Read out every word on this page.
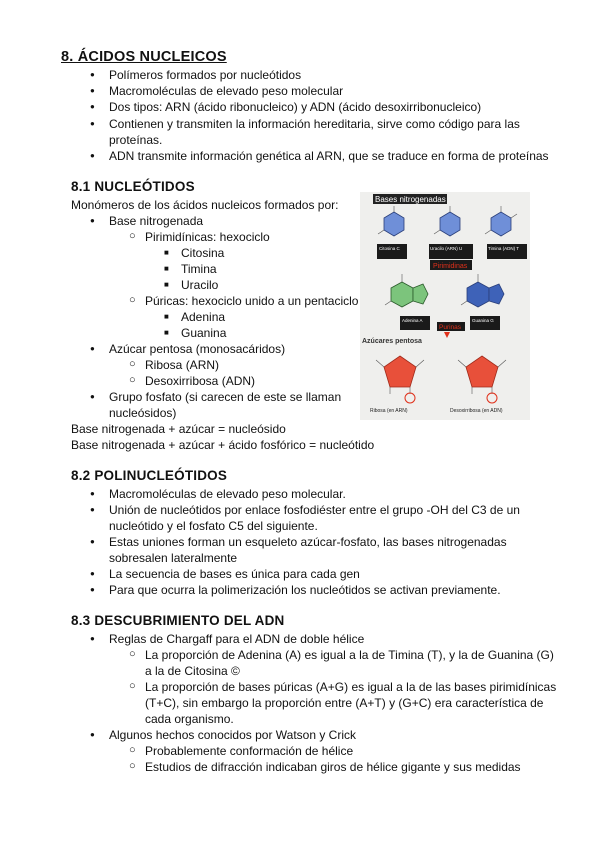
8. ÁCIDOS NUCLEICOS
● Polímeros formados por nucleótidos
● Macromoléculas de elevado peso molecular
● Dos tipos: ARN (ácido ribonucleico) y ADN (ácido desoxirribonucleico)
● Contienen y transmiten la información hereditaria, sirve como código para las
proteínas.
● ADN transmite información genética al ARN, que se traduce en forma de proteínas
8.1 NUCLEÓTIDOS
Monómeros de los ácidos nucleicos formados por:
● Base nitrogenada
○ Pirimidínicas: hexociclo
■ Citosina
■ Timina
■ Uracilo
○ Púricas: hexociclo unido a un pentaciclo
■ Adenina
■ Guanina
● Azúcar pentosa (monosacáridos)
○ Ribosa (ARN)
○ Desoxirribosa (ADN)
● Grupo fosfato (si carecen de este se llaman
nucleósidos)
Base nitrogenada + azúcar = nucleósido
Base nitrogenada + azúcar + ácido fosfórico = nucleótido
Bases nitrogenadas
Citosina C	Uracilo (ARN) U	Timina (ADN) T
Pirimidinas
Adenina A	Guanina G
Purinas
Azúcares pentosa
Ribosa (en ARN)	Desoxirribosa (en ADN)
8.2 POLINUCLEÓTIDOS
● Macromoléculas de elevado peso molecular.
● Unión de nucleótidos por enlace fosfodiéster entre el grupo -OH del C3 de un
nucleótido y el fosfato C5 del siguiente.
● Estas uniones forman un esqueleto azúcar-fosfato, las bases nitrogenadas
sobresalen lateralmente
● La secuencia de bases es única para cada gen
● Para que ocurra la polimerización los nucleótidos se activan previamente.
8.3 DESCUBRIMIENTO DEL ADN
● Reglas de Chargaff para el ADN de doble hélice
○ La proporción de Adenina (A) es igual a la de Timina (T), y la de Guanina (G)
a la de Citosina ©
○ La proporción de bases púricas (A+G) es igual a la de las bases pirimidínicas
(T+C), sin embargo la proporción entre (A+T) y (G+C) era característica de
cada organismo.
● Algunos hechos conocidos por Watson y Crick
○ Probablemente conformación de hélice
○ Estudios de difracción indicaban giros de hélice gigante y sus medidas
